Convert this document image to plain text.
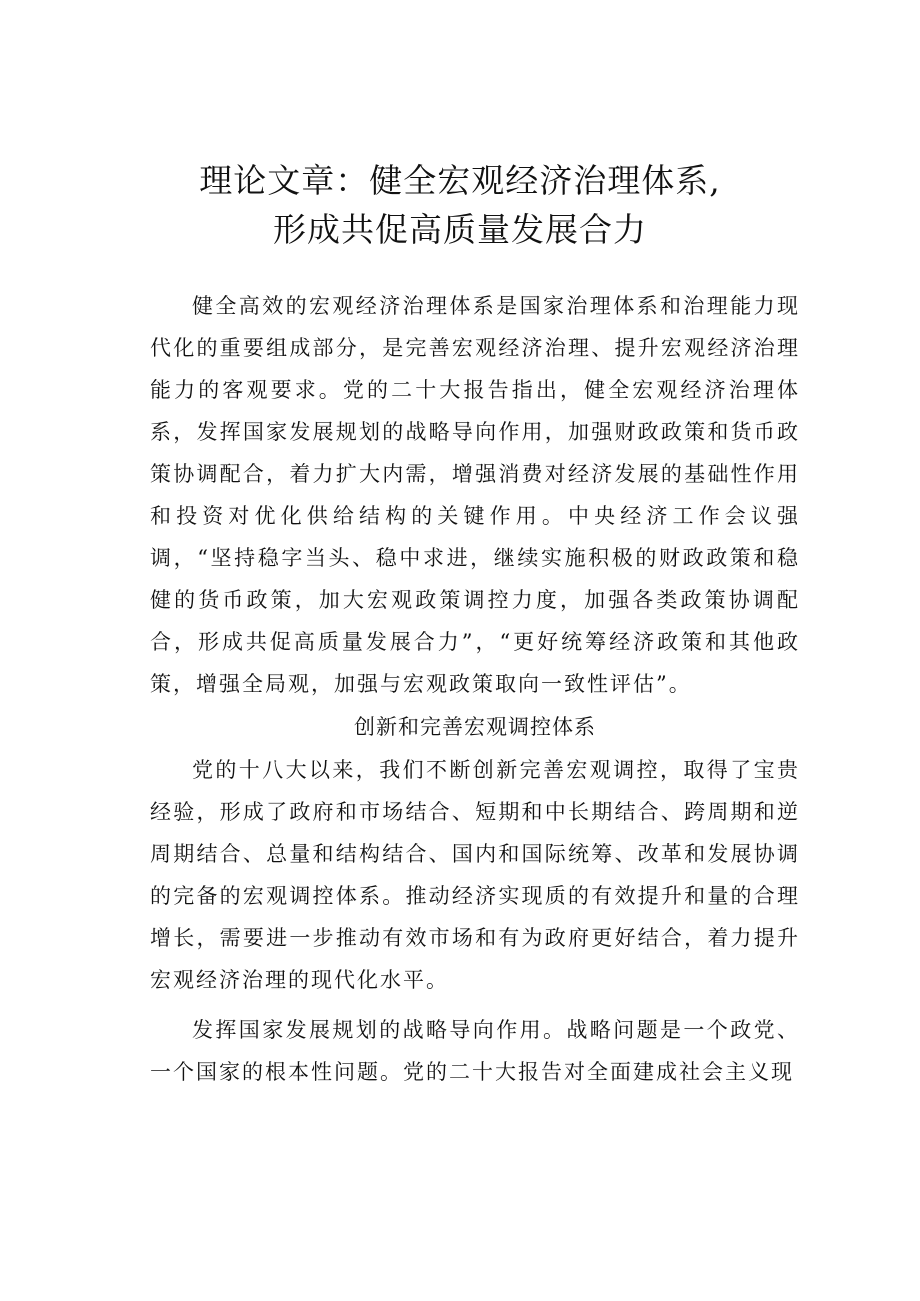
理论文章：健全宏观经济治理体系,
形成共促高质量发展合力

健全高效的宏观经济治理体系是国家治理体系和治理能力现代化的重要组成部分，是完善宏观经济治理、提升宏观经济治理能力的客观要求。党的二十大报告指出，健全宏观经济治理体系，发挥国家发展规划的战略导向作用，加强财政政策和货币政策协调配合，着力扩大内需，增强消费对经济发展的基础性作用和投资对优化供给结构的关键作用。中央经济工作会议强调，“坚持稳字当头、稳中求进，继续实施积极的财政政策和稳健的货币政策，加大宏观政策调控力度，加强各类政策协调配合，形成共促高质量发展合力”，“更好统筹经济政策和其他政策，增强全局观，加强与宏观政策取向一致性评估”。

创新和完善宏观调控体系

党的十八大以来，我们不断创新完善宏观调控，取得了宝贵经验，形成了政府和市场结合、短期和中长期结合、跨周期和逆周期结合、总量和结构结合、国内和国际统筹、改革和发展协调的完备的宏观调控体系。推动经济实现质的有效提升和量的合理增长，需要进一步推动有效市场和有为政府更好结合，着力提升宏观经济治理的现代化水平。

发挥国家发展规划的战略导向作用。战略问题是一个政党、一个国家的根本性问题。党的二十大报告对全面建成社会主义现
